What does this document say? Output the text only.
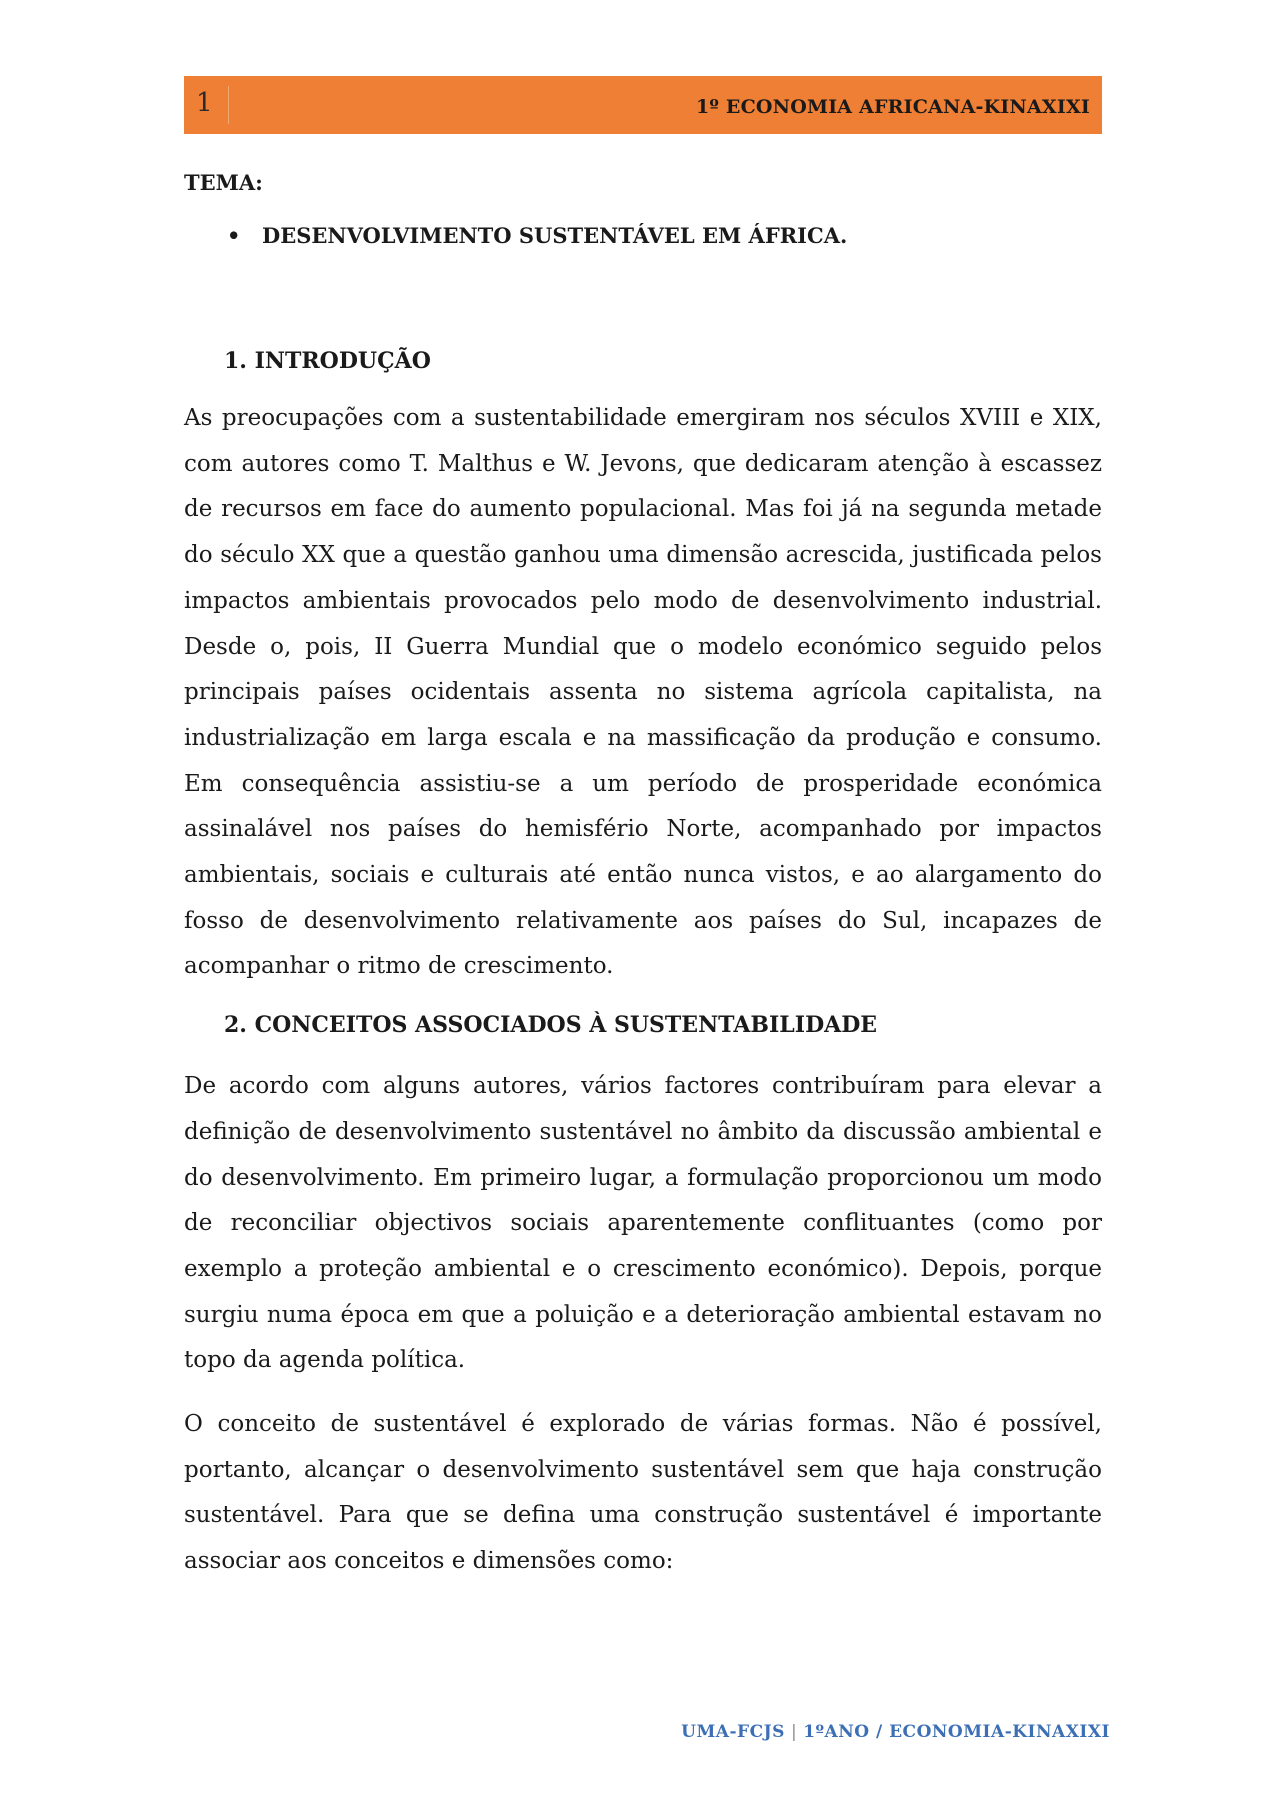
1	1º ECONOMIA AFRICANA-KINAXIXI

TEMA:

• DESENVOLVIMENTO SUSTENTÁVEL EM ÁFRICA.
1. INTRODUÇÃO

As preocupações com a sustentabilidade emergiram nos séculos XVIII e XIX, com autores como T. Malthus e W. Jevons, que dedicaram atenção à escassez de recursos em face do aumento populacional. Mas foi já na segunda metade do século XX que a questão ganhou uma dimensão acrescida, justificada pelos impactos ambientais provocados pelo modo de desenvolvimento industrial. Desde o, pois, II Guerra Mundial que o modelo económico seguido pelos principais países ocidentais assenta no sistema agrícola capitalista, na industrialização em larga escala e na massificação da produção e consumo. Em consequência assistiu-se a um período de prosperidade económica assinalável nos países do hemisfério Norte, acompanhado por impactos ambientais, sociais e culturais até então nunca vistos, e ao alargamento do fosso de desenvolvimento relativamente aos países do Sul, incapazes de acompanhar o ritmo de crescimento.

2. CONCEITOS ASSOCIADOS À SUSTENTABILIDADE

De acordo com alguns autores, vários factores contribuíram para elevar a definição de desenvolvimento sustentável no âmbito da discussão ambiental e do desenvolvimento. Em primeiro lugar, a formulação proporcionou um modo de reconciliar objectivos sociais aparentemente conflituantes (como por exemplo a proteção ambiental e o crescimento económico). Depois, porque surgiu numa época em que a poluição e a deterioração ambiental estavam no topo da agenda política.

O conceito de sustentável é explorado de várias formas. Não é possível, portanto, alcançar o desenvolvimento sustentável sem que haja construção sustentável. Para que se defina uma construção sustentável é importante associar aos conceitos e dimensões como:

UMA-FCJS | 1ºANO / ECONOMIA-KINAXIXI
